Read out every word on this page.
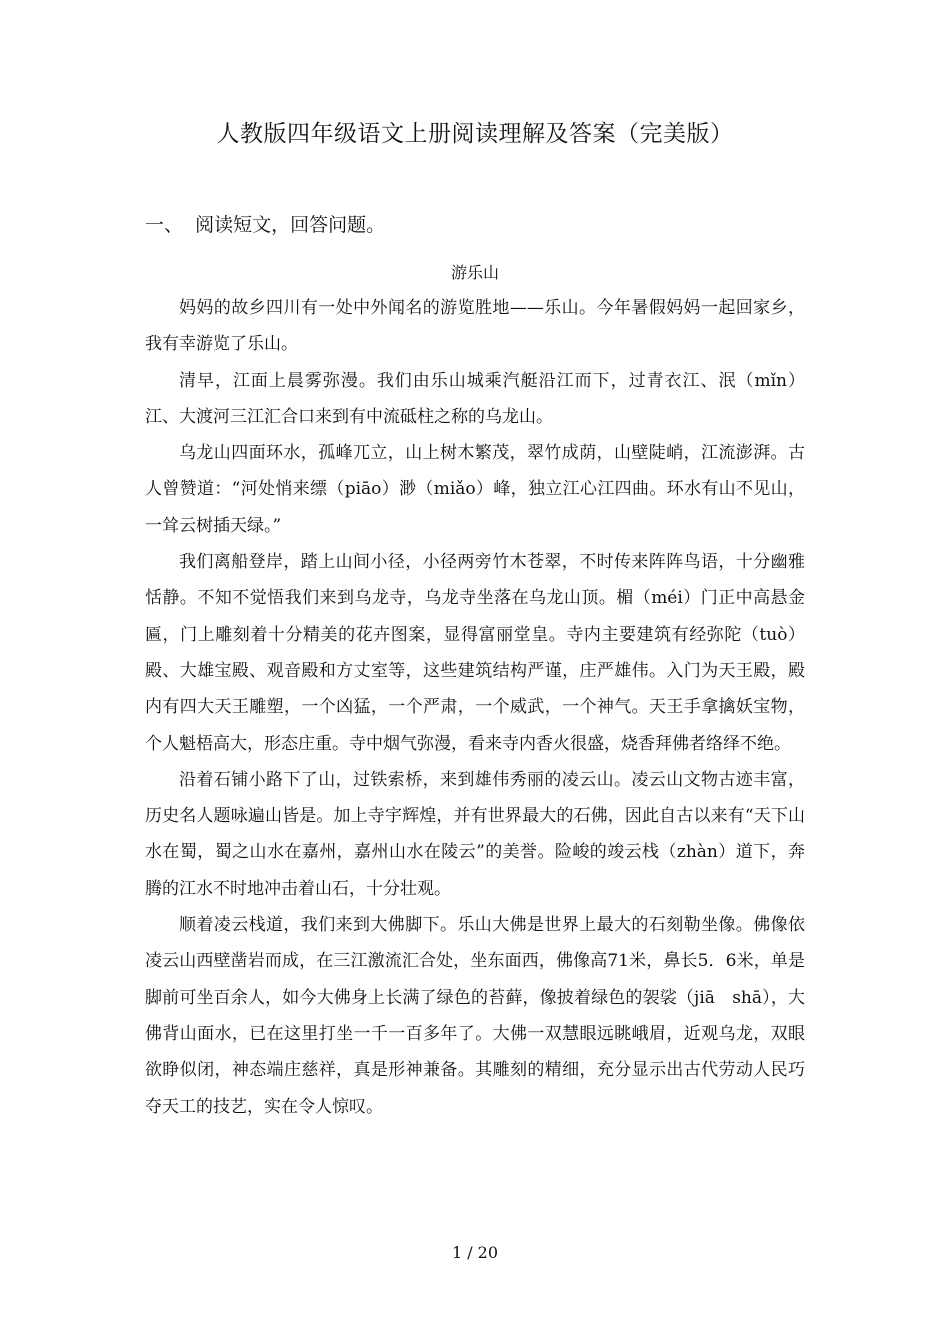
人教版四年级语文上册阅读理解及答案（完美版）
一、  阅读短文，回答问题。
游乐山

妈妈的故乡四川有一处中外闻名的游览胜地——乐山。今年暑假妈妈一起回家乡，我有幸游览了乐山。

清早，江面上晨雾弥漫。我们由乐山城乘汽艇沿江而下，过青衣江、泯（mǐn）江、大渡河三江汇合口来到有中流砥柱之称的乌龙山。

乌龙山四面环水，孤峰兀立，山上树木繁茂，翠竹成荫，山壁陡峭，江流澎湃。古人曾赞道：“河处悄来缥（piāo）渺（miǎo）峰，独立江心江四曲。环水有山不见山，一耸云树插天绿。”

我们离船登岸，踏上山间小径，小径两旁竹木苍翠，不时传来阵阵鸟语，十分幽雅恬静。不知不觉悟我们来到乌龙寺，乌龙寺坐落在乌龙山顶。楣（méi）门正中高悬金匾，门上雕刻着十分精美的花卉图案，显得富丽堂皇。寺内主要建筑有经弥陀（tuò）殿、大雄宝殿、观音殿和方丈室等，这些建筑结构严谨，庄严雄伟。入门为天王殿，殿内有四大天王雕塑，一个凶猛，一个严肃，一个威武，一个神气。天王手拿擒妖宝物，个人魁梧高大，形态庄重。寺中烟气弥漫，看来寺内香火很盛，烧香拜佛者络绎不绝。

沿着石铺小路下了山，过铁索桥，来到雄伟秀丽的凌云山。凌云山文物古迹丰富，历史名人题咏遍山皆是。加上寺宇辉煌，并有世界最大的石佛，因此自古以来有“天下山水在蜀，蜀之山水在嘉州，嘉州山水在陵云”的美誉。险峻的竣云栈（zhàn）道下，奔腾的江水不时地冲击着山石，十分壮观。

顺着凌云栈道，我们来到大佛脚下。乐山大佛是世界上最大的石刻勒坐像。佛像依凌云山西壁凿岩而成，在三江激流汇合处，坐东面西，佛像高71米，鼻长5．6米，单是脚前可坐百余人，如今大佛身上长满了绿色的苔藓，像披着绿色的袈裟（jiā　shā），大佛背山面水，已在这里打坐一千一百多年了。大佛一双慧眼远眺峨眉，近观乌龙，双眼欲睁似闭，神态端庄慈祥，真是形神兼备。其雕刻的精细，充分显示出古代劳动人民巧夺天工的技艺，实在令人惊叹。

1 / 20
